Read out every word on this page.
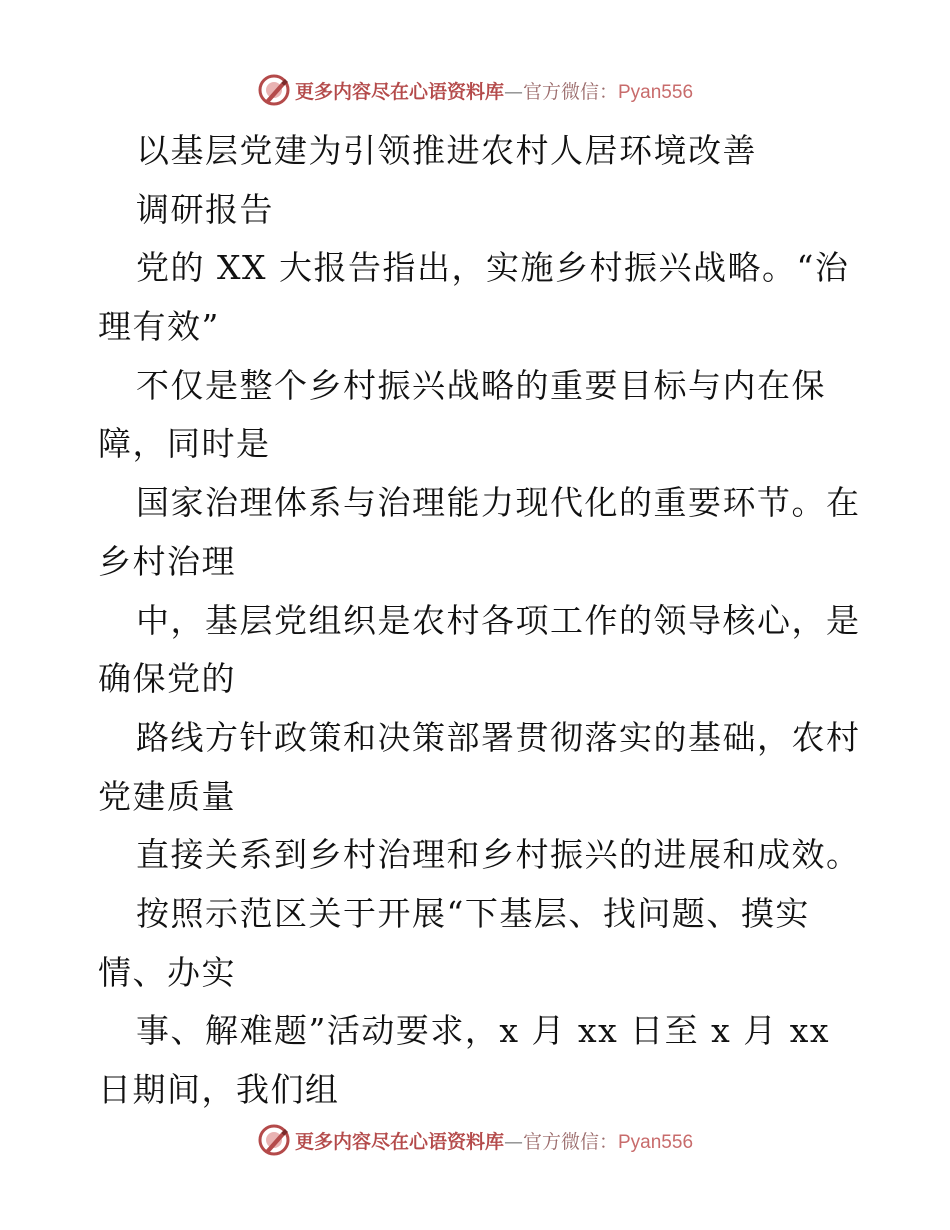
更多内容尽在心语资料库—官方微信：Pyan556
以基层党建为引领推进农村人居环境改善
调研报告
党的 XX 大报告指出，实施乡村振兴战略。“治
理有效”
不仅是整个乡村振兴战略的重要目标与内在保
障，同时是
国家治理体系与治理能力现代化的重要环节。在
乡村治理
中，基层党组织是农村各项工作的领导核心，是
确保党的
路线方针政策和决策部署贯彻落实的基础，农村
党建质量
直接关系到乡村治理和乡村振兴的进展和成效。
按照示范区关于开展“下基层、找问题、摸实
情、办实
事、解难题”活动要求，x 月 xx 日至 x 月 xx
日期间，我们组
更多内容尽在心语资料库—官方微信：Pyan556
